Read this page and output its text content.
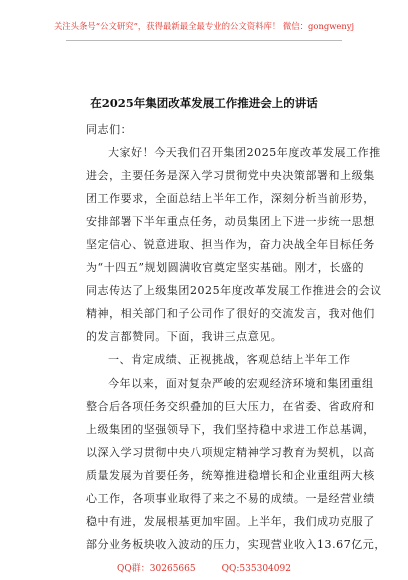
关注头条号“公文研究”，获得最新最全最专业的公文资料库！ 微信：gongwenyj
在2025年集团改革发展工作推进会上的讲话
同志们：
大家好！今天我们召开集团2025年度改革发展工作推
进会，主要任务是深入学习贯彻党中央决策部署和上级集
团工作要求，全面总结上半年工作，深刻分析当前形势，
安排部署下半年重点任务，动员集团上下进一步统一思想
坚定信心、锐意进取、担当作为，奋力决战全年目标任务
为“十四五”规划圆满收官奠定坚实基础。刚才，长盛的
同志传达了上级集团2025年度改革发展工作推进会的会议
精神，相关部门和子公司作了很好的交流发言，我对他们
的发言都赞同。下面，我讲三点意见。
一、肯定成绩、正视挑战，客观总结上半年工作
今年以来，面对复杂严峻的宏观经济环境和集团重组
整合后各项任务交织叠加的巨大压力，在省委、省政府和
上级集团的坚强领导下，我们坚持稳中求进工作总基调，
以深入学习贯彻中央八项规定精神学习教育为契机，以高
质量发展为首要任务，统筹推进稳增长和企业重组两大核
心工作，各项事业取得了来之不易的成绩。一是经营业绩
稳中有进，发展根基更加牢固。上半年，我们成功克服了
部分业务板块收入波动的压力，实现营业收入13.67亿元，
QQ群：30265665	QQ:535304092
